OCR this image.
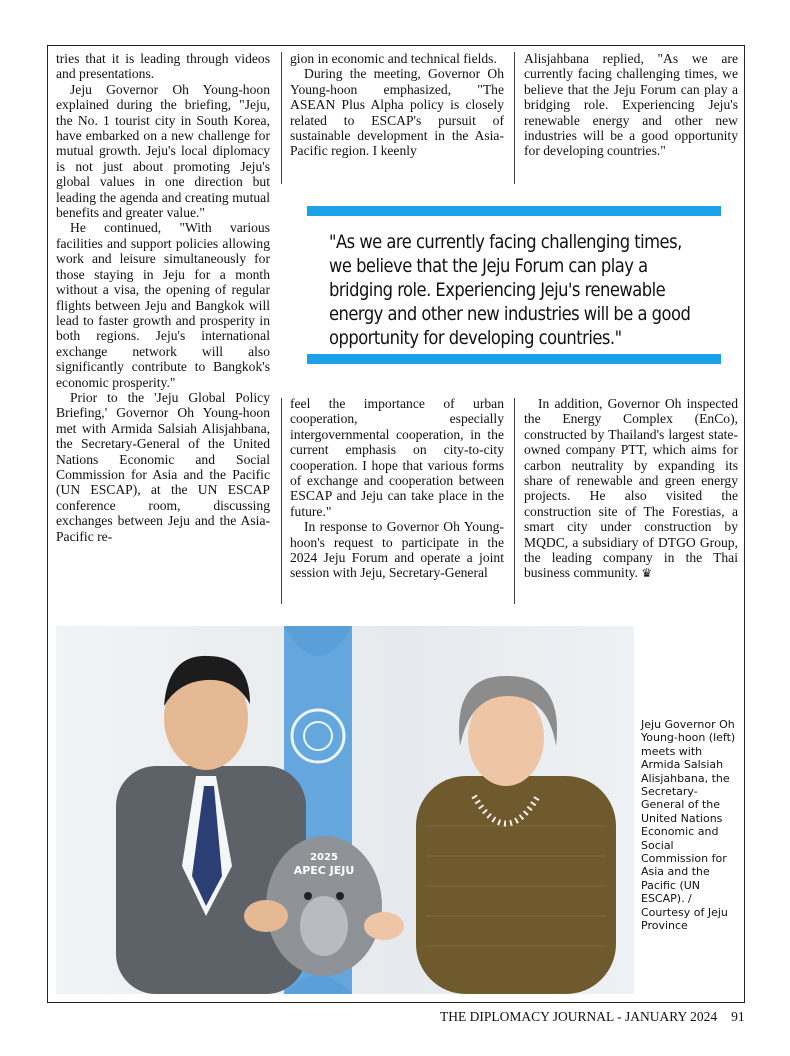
tries that it is leading through videos and presentations.

Jeju Governor Oh Young-hoon explained during the briefing, "Jeju, the No. 1 tourist city in South Korea, have embarked on a new challenge for mutual growth. Jeju's local diplomacy is not just about promoting Jeju's global values in one direction but leading the agenda and creating mutual benefits and greater value."

He continued, "With various facilities and support policies allowing work and leisure simultaneously for those staying in Jeju for a month without a visa, the opening of regular flights between Jeju and Bangkok will lead to faster growth and prosperity in both regions. Jeju's international exchange network will also significantly contribute to Bangkok's economic prosperity."

Prior to the 'Jeju Global Policy Briefing,' Governor Oh Young-hoon met with Armida Salsiah Alisjahbana, the Secretary-General of the United Nations Economic and Social Commission for Asia and the Pacific (UN ESCAP), at the UN ESCAP conference room, discussing exchanges between Jeju and the Asia-Pacific re-

gion in economic and technical fields.

During the meeting, Governor Oh Young-hoon emphasized, "The ASEAN Plus Alpha policy is closely related to ESCAP's pursuit of sustainable development in the Asia-Pacific region. I keenly

Alisjahbana replied, "As we are currently facing challenging times, we believe that the Jeju Forum can play a bridging role. Experiencing Jeju's renewable energy and other new industries will be a good opportunity for developing countries."

"As we are currently facing challenging times, we believe that the Jeju Forum can play a bridging role. Experiencing Jeju's renewable energy and other new industries will be a good opportunity for developing countries."

feel the importance of urban cooperation, especially intergovernmental cooperation, in the current emphasis on city-to-city cooperation. I hope that various forms of exchange and cooperation between ESCAP and Jeju can take place in the future."

In response to Governor Oh Young-hoon's request to participate in the 2024 Jeju Forum and operate a joint session with Jeju, Secretary-General

In addition, Governor Oh inspected the Energy Complex (EnCo), constructed by Thailand's largest state-owned company PTT, which aims for carbon neutrality by expanding its share of renewable and green energy projects. He also visited the construction site of The Forestias, a smart city under construction by MQDC, a subsidiary of DTGO Group, the leading company in the Thai business community. ♛

2025
APEC JEJU
Jeju Governor Oh Young-hoon (left) meets with Armida Salsiah Alisjahbana, the Secretary-General of the United Nations Economic and Social Commission for Asia and the Pacific (UN ESCAP). / Courtesy of Jeju Province
THE DIPLOMACY JOURNAL - JANUARY 2024 91
